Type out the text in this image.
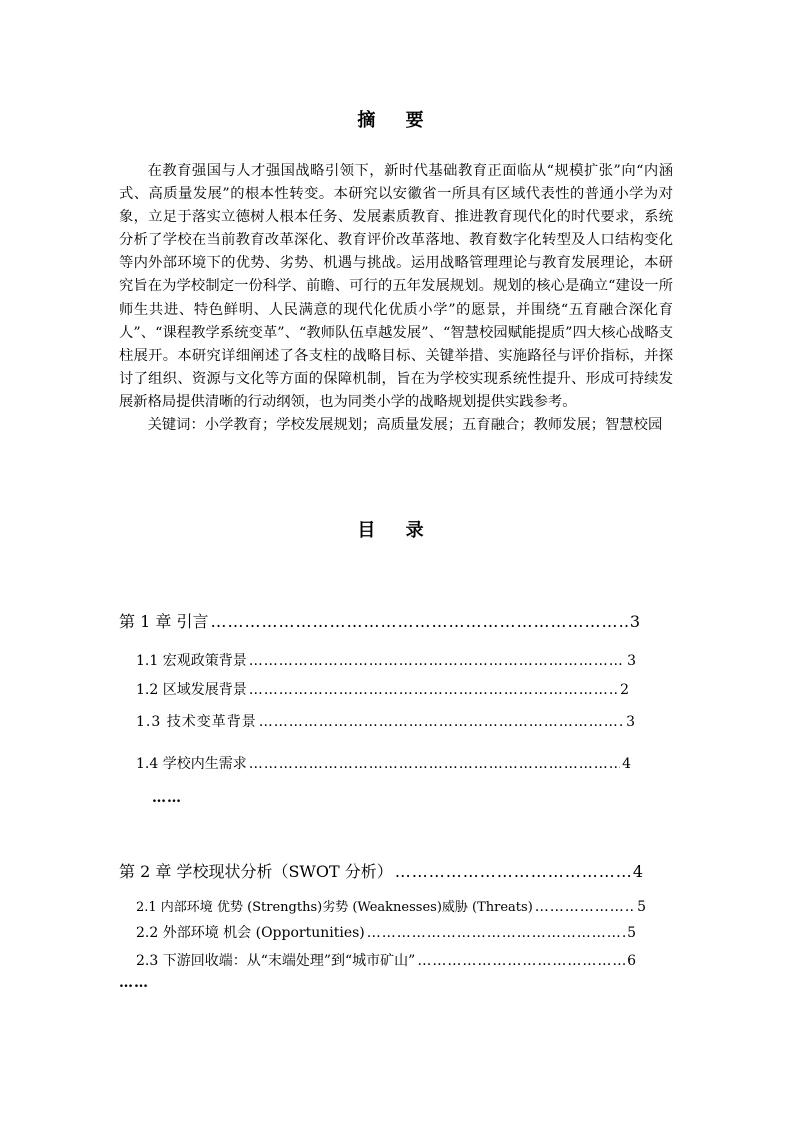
摘 要

在教育强国与人才强国战略引领下，新时代基础教育正面临从“规模扩张”向“内涵式、高质量发展”的根本性转变。本研究以安徽省一所具有区域代表性的普通小学为对象，立足于落实立德树人根本任务、发展素质教育、推进教育现代化的时代要求，系统分析了学校在当前教育改革深化、教育评价改革落地、教育数字化转型及人口结构变化等内外部环境下的优势、劣势、机遇与挑战。运用战略管理理论与教育发展理论，本研究旨在为学校制定一份科学、前瞻、可行的五年发展规划。规划的核心是确立“建设一所师生共进、特色鲜明、人民满意的现代化优质小学”的愿景，并围绕“五育融合深化育人”、“课程教学系统变革”、“教师队伍卓越发展”、“智慧校园赋能提质”四大核心战略支柱展开。本研究详细阐述了各支柱的战略目标、关键举措、实施路径与评价指标，并探讨了组织、资源与文化等方面的保障机制，旨在为学校实现系统性提升、形成可持续发展新格局提供清晰的行动纲领，也为同类小学的战略规划提供实践参考。

关键词：小学教育；学校发展规划；高质量发展；五育融合；教师发展；智慧校园

目 录
第 1 章 引言 …………………………………………………………………………………………………………………………………………………………………	3
1.1 宏观政策背景 …………………………………………………………………………………………………………………………………………………………………	3
1.2 区域发展背景 …………………………………………………………………………………………………………………………………………………………………	2
1.3 技术变革背景 …………………………………………………………………………………………………………………………………………………………………	3
1.4 学校内生需求 …………………………………………………………………………………………………………………………………………………………………	4
……
第 2 章 学校现状分析（SWOT 分析） …………………………………………………………………………………………………………………………………………………………………	4
2.1 内部环境 优势 (Strengths)劣势 (Weaknesses)威胁 (Threats) …………………………………………………………………………………………………………………………………………………………………	5
2.2 外部环境 机会 (Opportunities) …………………………………………………………………………………………………………………………………………………………………	5
2.3 下游回收端：从“末端处理”到“城市矿山” …………………………………………………………………………………………………………………………………………………………………	6
……
